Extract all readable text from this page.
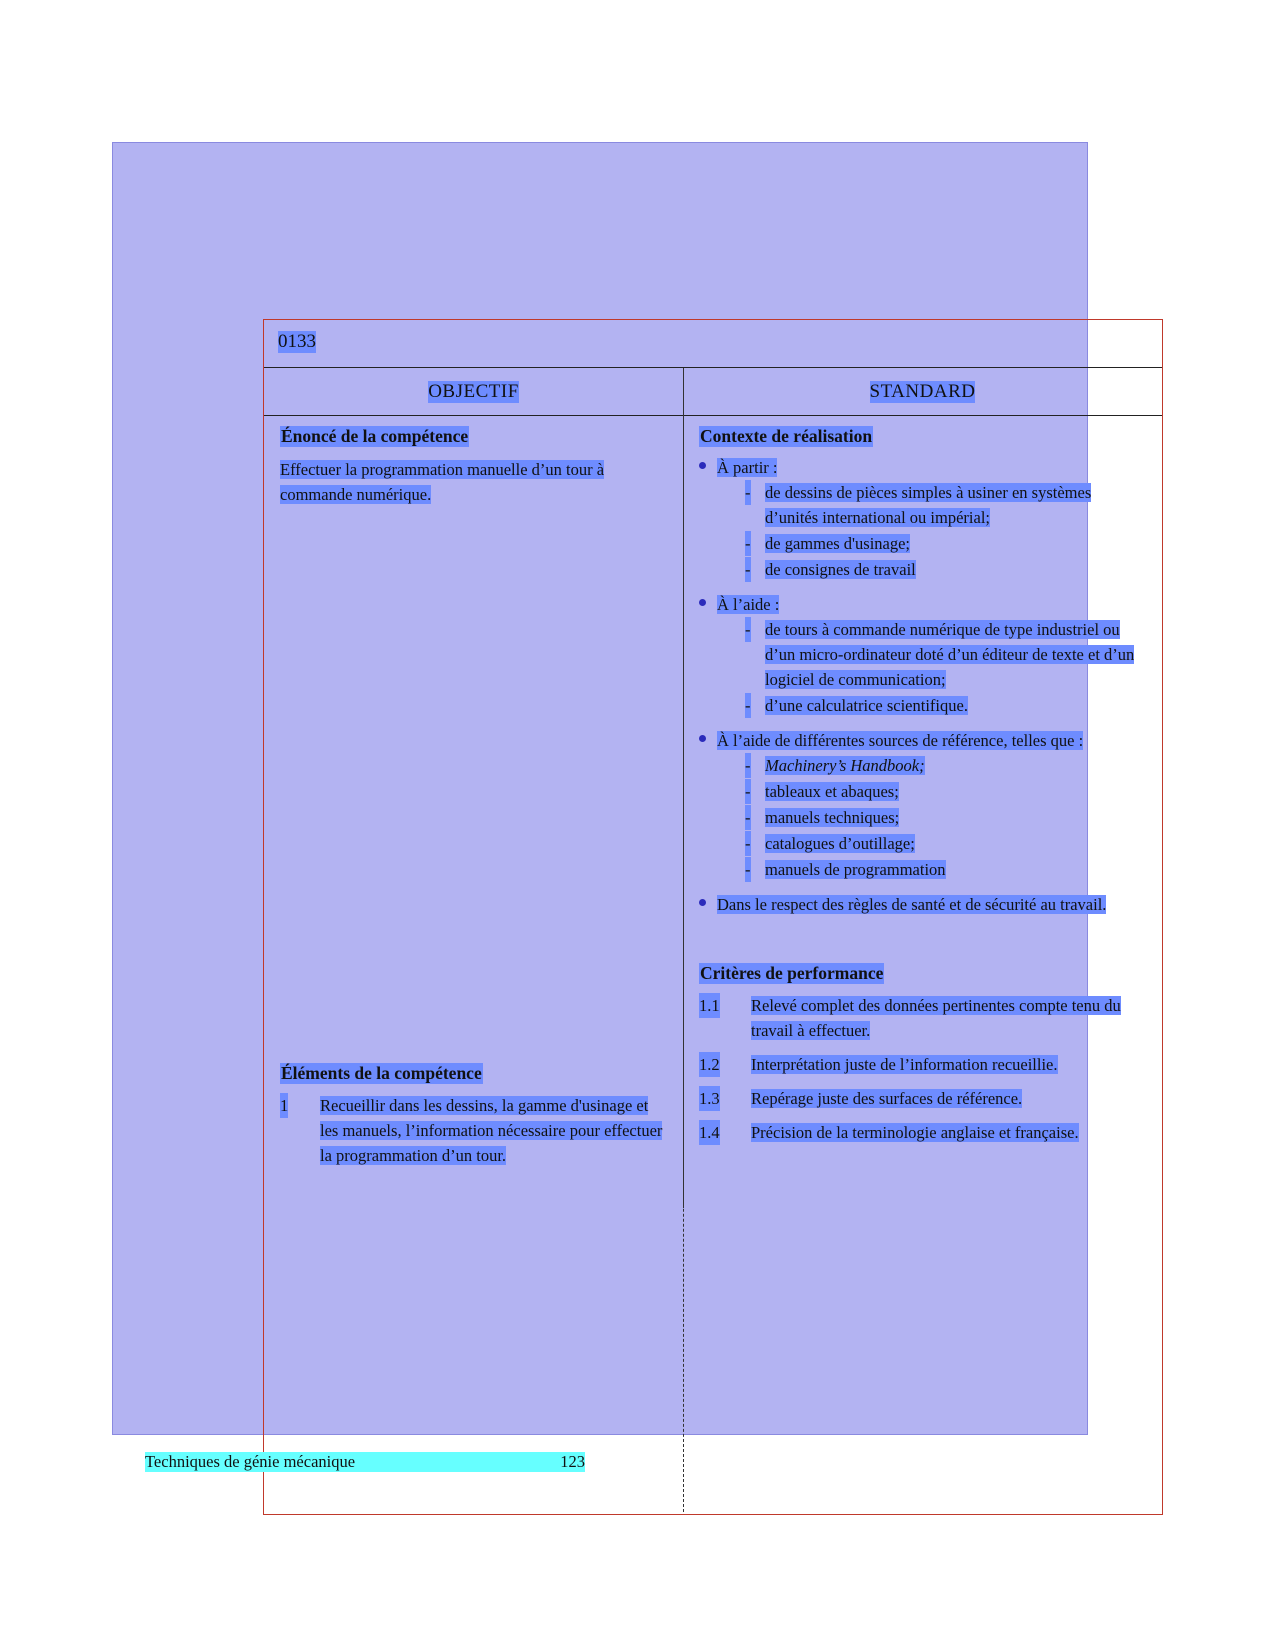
0133
OBJECTIF	STANDARD
Énoncé de la compétence
Effectuer la programmation manuelle d’un tour à commande numérique.
Éléments de la compétence
1 Recueillir dans les dessins, la gamme d'usinage et les manuels, l’information nécessaire pour effectuer la programmation d’un tour.
Contexte de réalisation
À partir :
- de dessins de pièces simples à usiner en systèmes d’unités international ou impérial;
- de gammes d'usinage;
- de consignes de travail
À l’aide :
- de tours à commande numérique de type industriel ou d’un micro-ordinateur doté d’un éditeur de texte et d’un logiciel de communication;
- d’une calculatrice scientifique.
À l’aide de différentes sources de référence, telles que :
- Machinery’s Handbook;
- tableaux et abaques;
- manuels techniques;
- catalogues d’outillage;
- manuels de programmation
Dans le respect des règles de santé et de sécurité au travail.
Critères de performance
1.1 Relevé complet des données pertinentes compte tenu du travail à effectuer.
1.2 Interprétation juste de l’information recueillie.
1.3 Repérage juste des surfaces de référence.
1.4 Précision de la terminologie anglaise et française.
Techniques de génie mécanique	123
